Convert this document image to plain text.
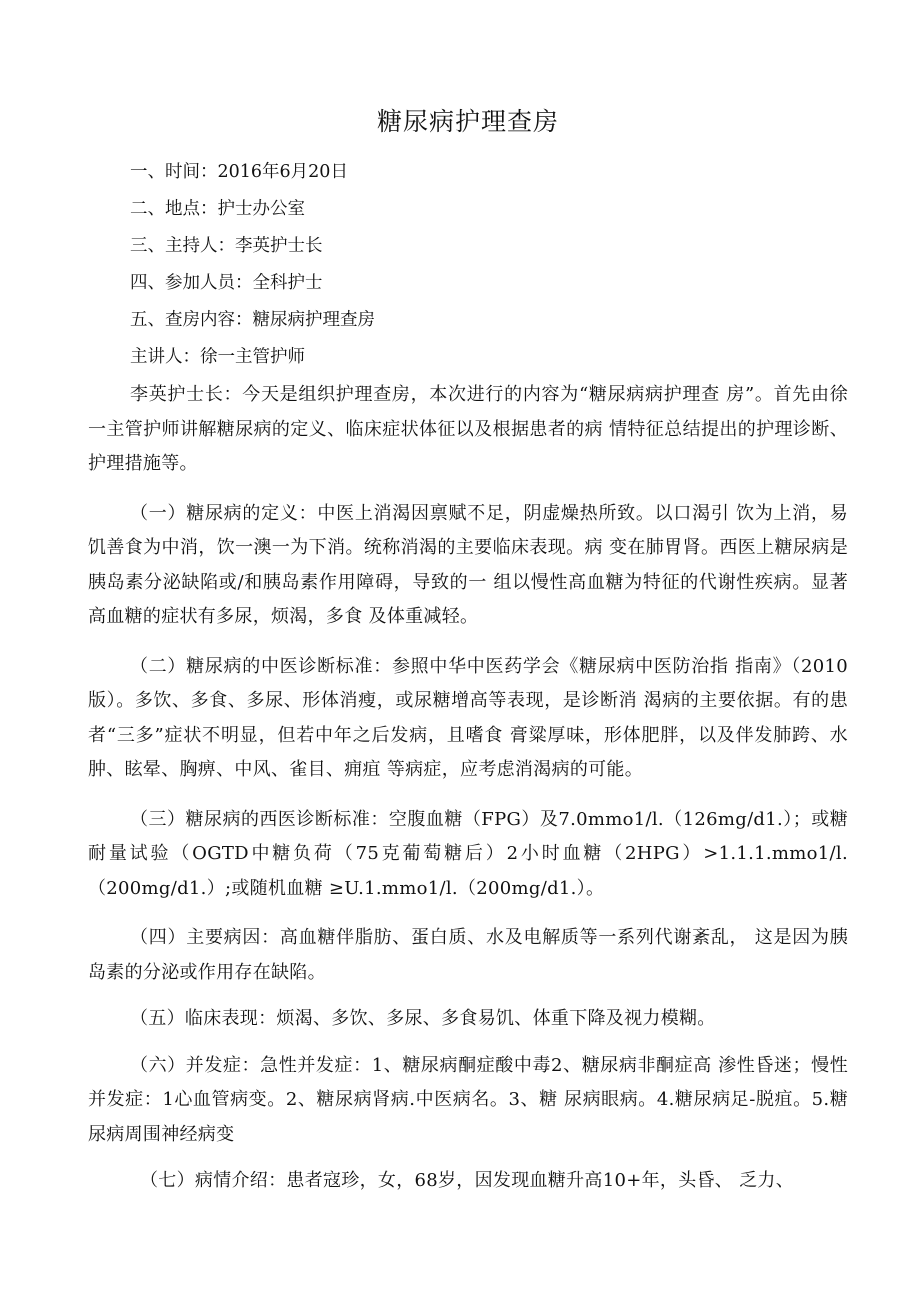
糖尿病护理查房

一、时间：2016年6月20日

二、地点：护士办公室

三、主持人：李英护士长

四、参加人员：全科护士

五、查房内容：糖尿病护理查房

主讲人：徐一主管护师

李英护士长：今天是组织护理查房，本次进行的内容为“糖尿病病护理查 房”。首先由徐一主管护师讲解糖尿病的定义、临床症状体征以及根据患者的病 情特征总结提出的护理诊断、护理措施等。

（一）糖尿病的定义：中医上消渴因禀赋不足，阴虚燥热所致。以口渴引 饮为上消，易饥善食为中消，饮一澳一为下消。统称消渴的主要临床表现。病 变在肺胃肾。西医上糖尿病是胰岛素分泌缺陷或/和胰岛素作用障碍，导致的一 组以慢性高血糖为特征的代谢性疾病。显著高血糖的症状有多尿，烦渴，多食 及体重减轻。

（二）糖尿病的中医诊断标准：参照中华中医药学会《糖尿病中医防治指 指南》（2010版）。多饮、多食、多尿、形体消瘦，或尿糖增高等表现，是诊断消 渴病的主要依据。有的患者“三多”症状不明显，但若中年之后发病，且嗜食 膏粱厚味，形体肥胖，以及伴发肺跨、水肿、眩晕、胸痹、中风、雀目、痈疽 等病症，应考虑消渴病的可能。

（三）糖尿病的西医诊断标准：空腹血糖（FPG）及7.0mmo1∕l.（126mg∕d1.）；或糖 耐量试验（OGTD中糖负荷（75克葡萄糖后）2小时血糖（2HPG）>1.1.1.mmo1∕l.（200mg∕d1.）;或随机血糖 ≥U.1.mmo1∕l.（200mg∕d1.）。

（四）主要病因：高血糖伴脂肪、蛋白质、水及电解质等一系列代谢紊乱， 这是因为胰岛素的分泌或作用存在缺陷。

（五）临床表现：烦渴、多饮、多尿、多食易饥、体重下降及视力模糊。

（六）并发症：急性并发症：1、糖尿病酮症酸中毒2、糖尿病非酮症高 渗性昏迷；慢性并发症：1心血管病变。2、糖尿病肾病.中医病名。3、糖 尿病眼病。4.糖尿病足-脱疽。5.糖尿病周围神经病变

（七）病情介绍：患者寇珍，女，68岁，因发现血糖升高10+年，头昏、 乏力、
